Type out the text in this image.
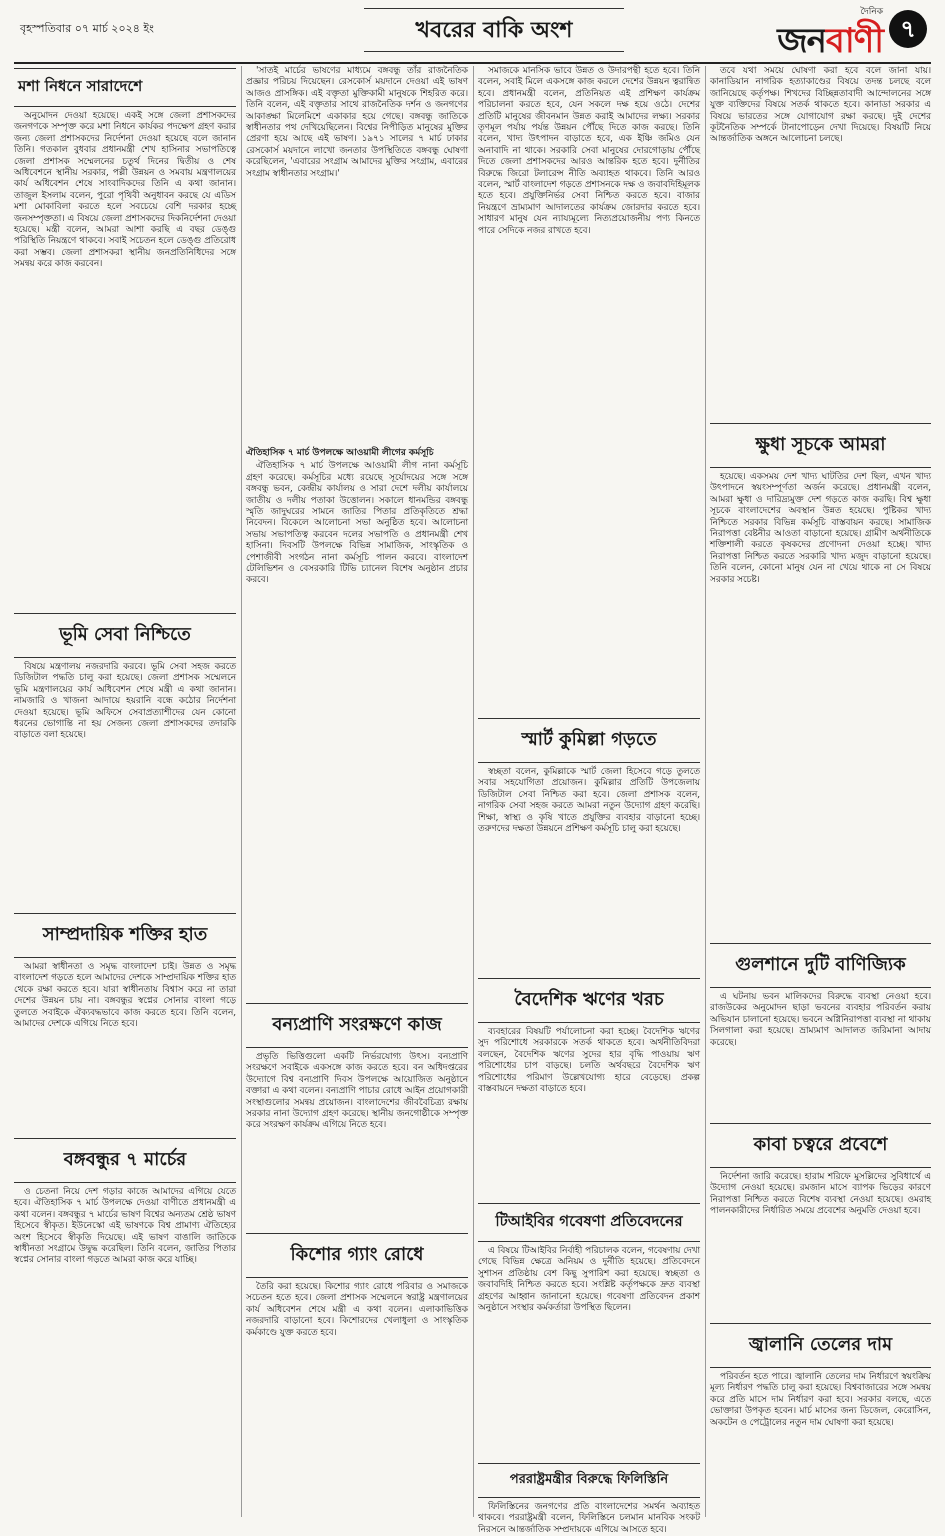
বৃহস্পতিবার ০৭ মার্চ ২০২৪ ইং	খবরের বাকি অংশ
দৈনিক
জনবাণী ৭
মশা নিধনে সারাদেশে

অনুমোদন দেওয়া হয়েছে। একই সঙ্গে জেলা প্রশাসকদের জনগণকে সম্পৃক্ত করে মশা নিধনে কার্যকর পদক্ষেপ গ্রহণ করার জন্য জেলা প্রশাসকদের নির্দেশনা দেওয়া হয়েছে বলে জানান তিনি। গতকাল বুধবার প্রধানমন্ত্রী শেখ হাসিনার সভাপতিত্বে জেলা প্রশাসক সম্মেলনের চতুর্থ দিনের দ্বিতীয় ও শেষ অধিবেশনে স্থানীয় সরকার, পল্লী উন্নয়ন ও সমবায় মন্ত্রণালয়ের কার্য অধিবেশন শেষে সাংবাদিকদের তিনি এ কথা জানান। তাজুল ইসলাম বলেন, পুরো পৃথিবী অনুধাবন করছে যে এডিস মশা মোকাবিলা করতে হলে সবচেয়ে বেশি দরকার হচ্ছে জনসম্পৃক্ততা। এ বিষয়ে জেলা প্রশাসকদের দিকনির্দেশনা দেওয়া হয়েছে। মন্ত্রী বলেন, আমরা আশা করছি এ বছর ডেঙ্গু পরিস্থিতি নিয়ন্ত্রণে থাকবে। সবাই সচেতন হলে ডেঙ্গু প্রতিরোধ করা সম্ভব। জেলা প্রশাসকরা স্থানীয় জনপ্রতিনিধিদের সঙ্গে সমন্বয় করে কাজ করবেন।

ভূমি সেবা নিশ্চিতে

বিষয়ে মন্ত্রণালয় নজরদারি করবে। ভূমি সেবা সহজ করতে ডিজিটাল পদ্ধতি চালু করা হয়েছে। জেলা প্রশাসক সম্মেলনে ভূমি মন্ত্রণালয়ের কার্য অধিবেশন শেষে মন্ত্রী এ কথা জানান। নামজারি ও খাজনা আদায়ে হয়রানি বন্ধে কঠোর নির্দেশনা দেওয়া হয়েছে। ভূমি অফিসে সেবাপ্রত্যাশীদের যেন কোনো ধরনের ভোগান্তি না হয় সেজন্য জেলা প্রশাসকদের তদারকি বাড়াতে বলা হয়েছে।

সাম্প্রদায়িক শক্তির হাত

আমরা স্বাধীনতা ও সমৃদ্ধ বাংলাদেশ চাই। উন্নত ও সমৃদ্ধ বাংলাদেশ গড়তে হলে আমাদের দেশকে সাম্প্রদায়িক শক্তির হাত থেকে রক্ষা করতে হবে। যারা স্বাধীনতায় বিশ্বাস করে না তারা দেশের উন্নয়ন চায় না। বঙ্গবন্ধুর স্বপ্নের সোনার বাংলা গড়ে তুলতে সবাইকে ঐক্যবদ্ধভাবে কাজ করতে হবে। তিনি বলেন, আমাদের দেশকে এগিয়ে নিতে হবে।

বঙ্গবন্ধুর ৭ মার্চের

ও চেতনা নিয়ে দেশ গড়ার কাজে আমাদের এগিয়ে যেতে হবে। ঐতিহাসিক ৭ মার্চ উপলক্ষে দেওয়া বাণীতে প্রধানমন্ত্রী এ কথা বলেন। বঙ্গবন্ধুর ৭ মার্চের ভাষণ বিশ্বের অন্যতম শ্রেষ্ঠ ভাষণ হিসেবে স্বীকৃত। ইউনেস্কো এই ভাষণকে বিশ্ব প্রামাণ্য ঐতিহ্যের অংশ হিসেবে স্বীকৃতি দিয়েছে। এই ভাষণ বাঙালি জাতিকে স্বাধীনতা সংগ্রামে উদ্বুদ্ধ করেছিল। তিনি বলেন, জাতির পিতার স্বপ্নের সোনার বাংলা গড়তে আমরা কাজ করে যাচ্ছি।

'সাতই মার্চের ভাষণের মাধ্যমে বঙ্গবন্ধু তাঁর রাজনৈতিক প্রজ্ঞার পরিচয় দিয়েছেন। রেসকোর্স ময়দানে দেওয়া এই ভাষণ আজও প্রাসঙ্গিক। এই বক্তৃতা মুক্তিকামী মানুষকে শিহরিত করে। তিনি বলেন, এই বক্তৃতার সাথে রাজনৈতিক দর্শন ও জনগণের আকাঙ্ক্ষা মিলেমিশে একাকার হয়ে গেছে। বঙ্গবন্ধু জাতিকে স্বাধীনতার পথ দেখিয়েছিলেন। বিশ্বের নিপীড়িত মানুষের মুক্তির প্রেরণা হয়ে আছে এই ভাষণ। ১৯৭১ সালের ৭ মার্চ ঢাকার রেসকোর্স ময়দানে লাখো জনতার উপস্থিতিতে বঙ্গবন্ধু ঘোষণা করেছিলেন, 'এবারের সংগ্রাম আমাদের মুক্তির সংগ্রাম, এবারের সংগ্রাম স্বাধীনতার সংগ্রাম।'

ঐতিহাসিক ৭ মার্চ উপলক্ষে আওয়ামী লীগের কর্মসূচি

ঐতিহাসিক ৭ মার্চ উপলক্ষে আওয়ামী লীগ নানা কর্মসূচি গ্রহণ করেছে। কর্মসূচির মধ্যে রয়েছে সূর্যোদয়ের সঙ্গে সঙ্গে বঙ্গবন্ধু ভবন, কেন্দ্রীয় কার্যালয় ও সারা দেশে দলীয় কার্যালয়ে জাতীয় ও দলীয় পতাকা উত্তোলন। সকালে ধানমন্ডির বঙ্গবন্ধু স্মৃতি জাদুঘরের সামনে জাতির পিতার প্রতিকৃতিতে শ্রদ্ধা নিবেদন। বিকেলে আলোচনা সভা অনুষ্ঠিত হবে। আলোচনা সভায় সভাপতিত্ব করবেন দলের সভাপতি ও প্রধানমন্ত্রী শেখ হাসিনা। দিবসটি উপলক্ষে বিভিন্ন সামাজিক, সাংস্কৃতিক ও পেশাজীবী সংগঠন নানা কর্মসূচি পালন করবে। বাংলাদেশ টেলিভিশন ও বেসরকারি টিভি চ্যানেল বিশেষ অনুষ্ঠান প্রচার করবে।

বন্যপ্রাণি সংরক্ষণে কাজ

প্রভৃতি ভিত্তিগুলো একটি নির্ভরযোগ্য উৎস। বন্যপ্রাণি সংরক্ষণে সবাইকে একসঙ্গে কাজ করতে হবে। বন অধিদপ্তরের উদ্যোগে বিশ্ব বন্যপ্রাণি দিবস উপলক্ষে আয়োজিত অনুষ্ঠানে বক্তারা এ কথা বলেন। বন্যপ্রাণি পাচার রোধে আইন প্রয়োগকারী সংস্থাগুলোর সমন্বয় প্রয়োজন। বাংলাদেশের জীববৈচিত্র্য রক্ষায় সরকার নানা উদ্যোগ গ্রহণ করেছে। স্থানীয় জনগোষ্ঠীকে সম্পৃক্ত করে সংরক্ষণ কার্যক্রম এগিয়ে নিতে হবে।

কিশোর গ্যাং রোধে

তৈরি করা হয়েছে। কিশোর গ্যাং রোধে পরিবার ও সমাজকে সচেতন হতে হবে। জেলা প্রশাসক সম্মেলনে স্বরাষ্ট্র মন্ত্রণালয়ের কার্য অধিবেশন শেষে মন্ত্রী এ কথা বলেন। এলাকাভিত্তিক নজরদারি বাড়ানো হবে। কিশোরদের খেলাধুলা ও সাংস্কৃতিক কর্মকাণ্ডে যুক্ত করতে হবে।

সমাজকে মানসিক ভাবে উন্নত ও উদারপন্থী হতে হবে। তিনি বলেন, সবাই মিলে একসঙ্গে কাজ করলে দেশের উন্নয়ন ত্বরান্বিত হবে। প্রধানমন্ত্রী বলেন, প্রতিনিয়ত এই প্রশিক্ষণ কার্যক্রম পরিচালনা করতে হবে, যেন সকলে দক্ষ হয়ে ওঠে। দেশের প্রতিটি মানুষের জীবনমান উন্নত করাই আমাদের লক্ষ্য। সরকার তৃণমূল পর্যায় পর্যন্ত উন্নয়ন পৌঁছে দিতে কাজ করছে। তিনি বলেন, খাদ্য উৎপাদন বাড়াতে হবে, এক ইঞ্চি জমিও যেন অনাবাদি না থাকে। সরকারি সেবা মানুষের দোরগোড়ায় পৌঁছে দিতে জেলা প্রশাসকদের আরও আন্তরিক হতে হবে। দুর্নীতির বিরুদ্ধে জিরো টলারেন্স নীতি অব্যাহত থাকবে। তিনি আরও বলেন, স্মার্ট বাংলাদেশ গড়তে প্রশাসনকে দক্ষ ও জবাবদিহিমূলক হতে হবে। প্রযুক্তিনির্ভর সেবা নিশ্চিত করতে হবে। বাজার নিয়ন্ত্রণে ভ্রাম্যমাণ আদালতের কার্যক্রম জোরদার করতে হবে। সাধারণ মানুষ যেন ন্যায্যমূল্যে নিত্যপ্রয়োজনীয় পণ্য কিনতে পারে সেদিকে নজর রাখতে হবে।

স্মার্ট কুমিল্লা গড়তে

স্বচ্ছতা বলেন, কুমিল্লাকে স্মার্ট জেলা হিসেবে গড়ে তুলতে সবার সহযোগিতা প্রয়োজন। কুমিল্লার প্রতিটি উপজেলায় ডিজিটাল সেবা নিশ্চিত করা হবে। জেলা প্রশাসক বলেন, নাগরিক সেবা সহজ করতে আমরা নতুন উদ্যোগ গ্রহণ করেছি। শিক্ষা, স্বাস্থ্য ও কৃষি খাতে প্রযুক্তির ব্যবহার বাড়ানো হচ্ছে। তরুণদের দক্ষতা উন্নয়নে প্রশিক্ষণ কর্মসূচি চালু করা হয়েছে।

বৈদেশিক ঋণের খরচ

ব্যবহারের বিষয়টি পর্যালোচনা করা হচ্ছে। বৈদেশিক ঋণের সুদ পরিশোধে সরকারকে সতর্ক থাকতে হবে। অর্থনীতিবিদরা বলছেন, বৈদেশিক ঋণের সুদের হার বৃদ্ধি পাওয়ায় ঋণ পরিশোধের চাপ বাড়ছে। চলতি অর্থবছরে বৈদেশিক ঋণ পরিশোধের পরিমাণ উল্লেখযোগ্য হারে বেড়েছে। প্রকল্প বাস্তবায়নে দক্ষতা বাড়াতে হবে।

টিআইবির গবেষণা প্রতিবেদনের

এ বিষয়ে টিআইবির নির্বাহী পরিচালক বলেন, গবেষণায় দেখা গেছে বিভিন্ন ক্ষেত্রে অনিয়ম ও দুর্নীতি হয়েছে। প্রতিবেদনে সুশাসন প্রতিষ্ঠায় বেশ কিছু সুপারিশ করা হয়েছে। স্বচ্ছতা ও জবাবদিহি নিশ্চিত করতে হবে। সংশ্লিষ্ট কর্তৃপক্ষকে দ্রুত ব্যবস্থা গ্রহণের আহ্বান জানানো হয়েছে। গবেষণা প্রতিবেদন প্রকাশ অনুষ্ঠানে সংস্থার কর্মকর্তারা উপস্থিত ছিলেন।

পররাষ্ট্রমন্ত্রীর বিরুদ্ধে ফিলিস্তিনি

ফিলিস্তিনের জনগণের প্রতি বাংলাদেশের সমর্থন অব্যাহত থাকবে। পররাষ্ট্রমন্ত্রী বলেন, ফিলিস্তিনে চলমান মানবিক সংকট নিরসনে আন্তর্জাতিক সম্প্রদায়কে এগিয়ে আসতে হবে।

তবে যথা সময়ে ঘোষণা করা হবে বলে জানা যায়। কানাডিয়ান নাগরিক হত্যাকাণ্ডের বিষয়ে তদন্ত চলছে বলে জানিয়েছে কর্তৃপক্ষ। শিখদের বিচ্ছিন্নতাবাদী আন্দোলনের সঙ্গে যুক্ত ব্যক্তিদের বিষয়ে সতর্ক থাকতে হবে। কানাডা সরকার এ বিষয়ে ভারতের সঙ্গে যোগাযোগ রক্ষা করছে। দুই দেশের কূটনৈতিক সম্পর্কে টানাপোড়েন দেখা দিয়েছে। বিষয়টি নিয়ে আন্তর্জাতিক অঙ্গনে আলোচনা চলছে।

ক্ষুধা সূচকে আমরা

হয়েছে। একসময় দেশ খাদ্য ঘাটতির দেশ ছিল, এখন খাদ্য উৎপাদনে স্বয়ংসম্পূর্ণতা অর্জন করেছে। প্রধানমন্ত্রী বলেন, আমরা ক্ষুধা ও দারিদ্র্যমুক্ত দেশ গড়তে কাজ করছি। বিশ্ব ক্ষুধা সূচকে বাংলাদেশের অবস্থান উন্নত হয়েছে। পুষ্টিকর খাদ্য নিশ্চিতে সরকার বিভিন্ন কর্মসূচি বাস্তবায়ন করছে। সামাজিক নিরাপত্তা বেষ্টনীর আওতা বাড়ানো হয়েছে। গ্রামীণ অর্থনীতিকে শক্তিশালী করতে কৃষকদের প্রণোদনা দেওয়া হচ্ছে। খাদ্য নিরাপত্তা নিশ্চিত করতে সরকারি খাদ্য মজুদ বাড়ানো হয়েছে। তিনি বলেন, কোনো মানুষ যেন না খেয়ে থাকে না সে বিষয়ে সরকার সচেষ্ট।

গুলশানে দুটি বাণিজ্যিক

এ ঘটনায় ভবন মালিকদের বিরুদ্ধে ব্যবস্থা নেওয়া হবে। রাজউকের অনুমোদন ছাড়া ভবনের ব্যবহার পরিবর্তন করায় অভিযান চালানো হয়েছে। ভবনে অগ্নিনিরাপত্তা ব্যবস্থা না থাকায় সিলগালা করা হয়েছে। ভ্রাম্যমাণ আদালত জরিমানা আদায় করেছে।

কাবা চত্বরে প্রবেশে

নির্দেশনা জারি করেছে। হারাম শরিফে মুসল্লিদের সুবিধার্থে এ উদ্যোগ নেওয়া হয়েছে। রমজান মাসে ব্যাপক ভিড়ের কারণে নিরাপত্তা নিশ্চিত করতে বিশেষ ব্যবস্থা নেওয়া হয়েছে। ওমরাহ পালনকারীদের নির্ধারিত সময়ে প্রবেশের অনুমতি দেওয়া হবে।

জ্বালানি তেলের দাম

পরিবর্তন হতে পারে। জ্বালানি তেলের দাম নির্ধারণে স্বয়ংক্রিয় মূল্য নির্ধারণ পদ্ধতি চালু করা হয়েছে। বিশ্ববাজারের সঙ্গে সমন্বয় করে প্রতি মাসে দাম নির্ধারণ করা হবে। সরকার বলছে, এতে ভোক্তারা উপকৃত হবেন। মার্চ মাসের জন্য ডিজেল, কেরোসিন, অকটেন ও পেট্রোলের নতুন দাম ঘোষণা করা হয়েছে।
